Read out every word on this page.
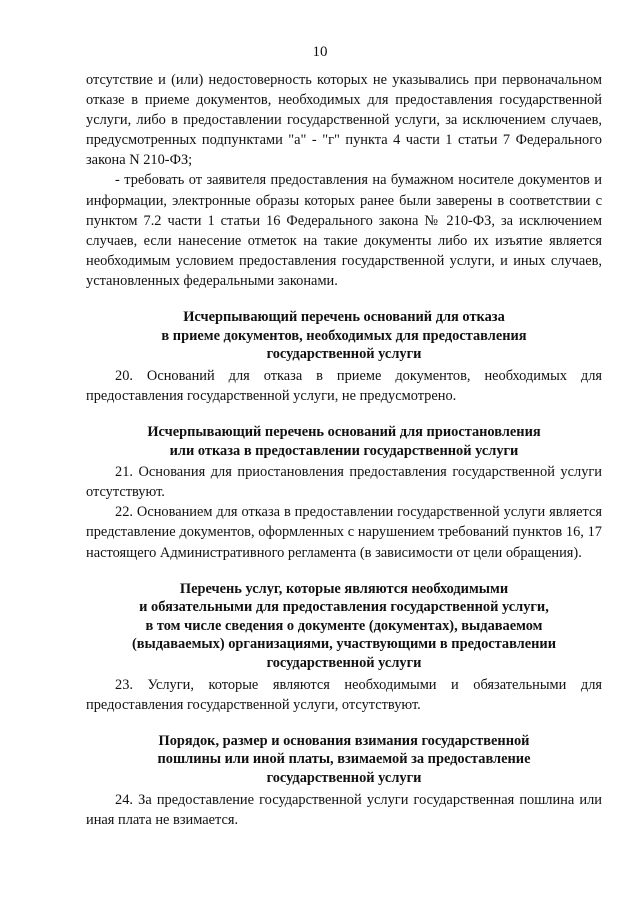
10

отсутствие и (или) недостоверность которых не указывались при первоначальном отказе в приеме документов, необходимых для предоставления государственной услуги, либо в предоставлении государственной услуги, за исключением случаев, предусмотренных подпунктами "а" - "г" пункта 4 части 1 статьи 7 Федерального закона N 210-ФЗ;

- требовать от заявителя предоставления на бумажном носителе документов и информации, электронные образы которых ранее были заверены в соответствии с пунктом 7.2 части 1 статьи 16 Федерального закона № 210-ФЗ, за исключением случаев, если нанесение отметок на такие документы либо их изъятие является необходимым условием предоставления государственной услуги, и иных случаев, установленных федеральными законами.

Исчерпывающий перечень оснований для отказа
в приеме документов, необходимых для предоставления
государственной услуги

20. Оснований для отказа в приеме документов, необходимых для предоставления государственной услуги, не предусмотрено.

Исчерпывающий перечень оснований для приостановления
или отказа в предоставлении государственной услуги

21. Основания для приостановления предоставления государственной услуги отсутствуют.

22. Основанием для отказа в предоставлении государственной услуги является представление документов, оформленных с нарушением требований пунктов 16, 17 настоящего Административного регламента (в зависимости от цели обращения).

Перечень услуг, которые являются необходимыми
и обязательными для предоставления государственной услуги,
в том числе сведения о документе (документах), выдаваемом
(выдаваемых) организациями, участвующими в предоставлении
государственной услуги

23. Услуги, которые являются необходимыми и обязательными для предоставления государственной услуги, отсутствуют.

Порядок, размер и основания взимания государственной
пошлины или иной платы, взимаемой за предоставление
государственной услуги

24. За предоставление государственной услуги государственная пошлина или иная плата не взимается.
